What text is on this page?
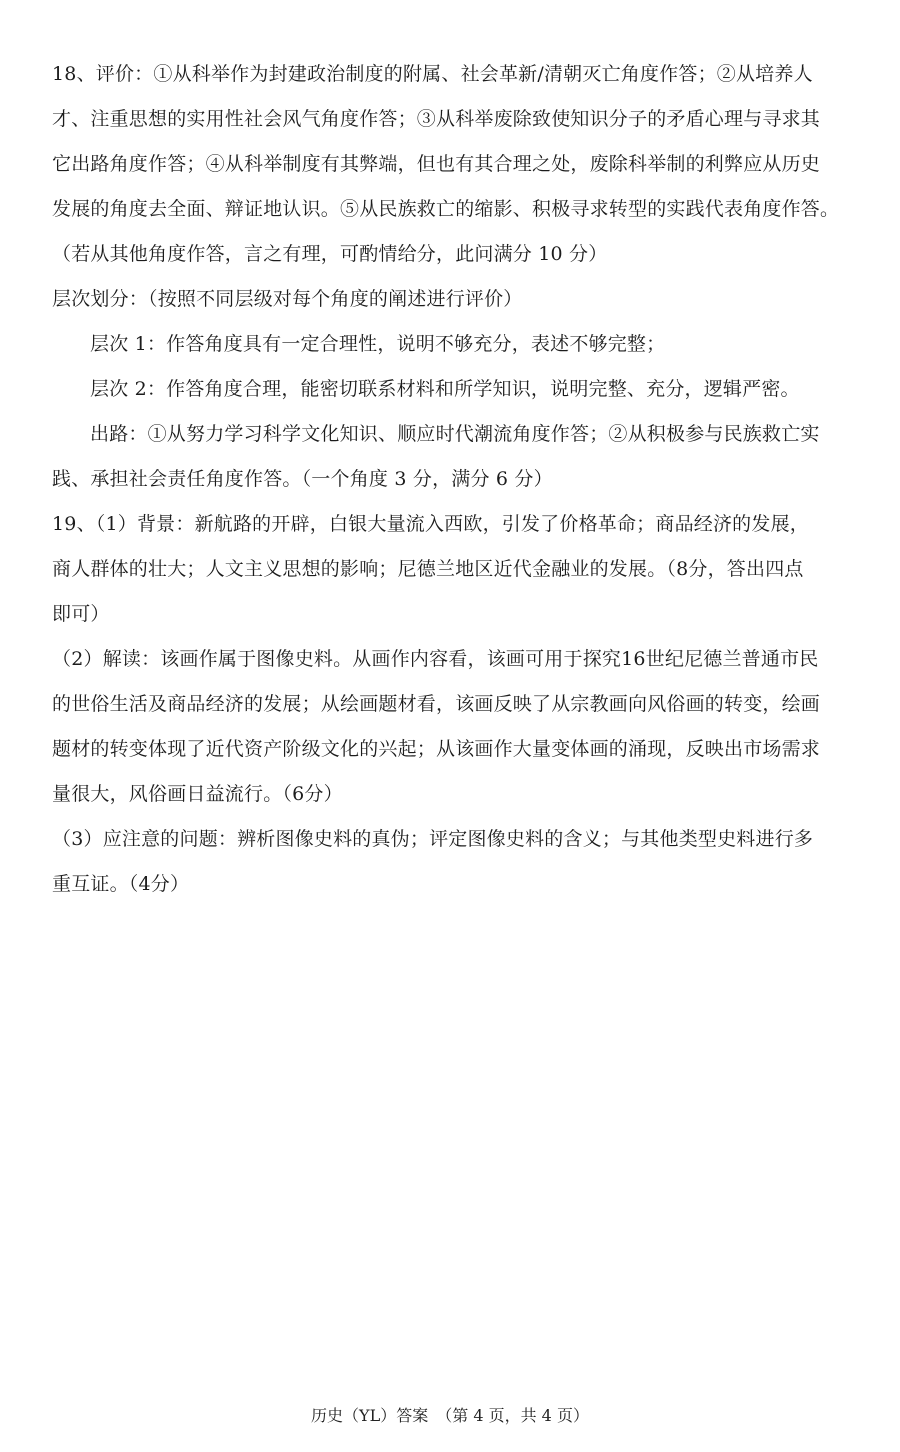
18、评价：①从科举作为封建政治制度的附属、社会革新/清朝灭亡角度作答；②从培养人

才、注重思想的实用性社会风气角度作答；③从科举废除致使知识分子的矛盾心理与寻求其

它出路角度作答；④从科举制度有其弊端，但也有其合理之处，废除科举制的利弊应从历史

发展的角度去全面、辩证地认识。⑤从民族救亡的缩影、积极寻求转型的实践代表角度作答。

（若从其他角度作答，言之有理，可酌情给分，此问满分 10 分）

层次划分：（按照不同层级对每个角度的阐述进行评价）

层次 1：作答角度具有一定合理性，说明不够充分，表述不够完整；

层次 2：作答角度合理，能密切联系材料和所学知识，说明完整、充分，逻辑严密。

出路：①从努力学习科学文化知识、顺应时代潮流角度作答；②从积极参与民族救亡实

践、承担社会责任角度作答。（一个角度 3 分，满分 6 分）

19、（1）背景：新航路的开辟，白银大量流入西欧，引发了价格革命；商品经济的发展，

商人群体的壮大；人文主义思想的影响；尼德兰地区近代金融业的发展。（8分，答出四点

即可）

（2）解读：该画作属于图像史料。从画作内容看，该画可用于探究16世纪尼德兰普通市民

的世俗生活及商品经济的发展；从绘画题材看，该画反映了从宗教画向风俗画的转变，绘画

题材的转变体现了近代资产阶级文化的兴起；从该画作大量变体画的涌现，反映出市场需求

量很大，风俗画日益流行。（6分）

（3）应注意的问题：辨析图像史料的真伪；评定图像史料的含义；与其他类型史料进行多

重互证。（4分）

历史（YL）答案　（第 4 页，共 4 页）
